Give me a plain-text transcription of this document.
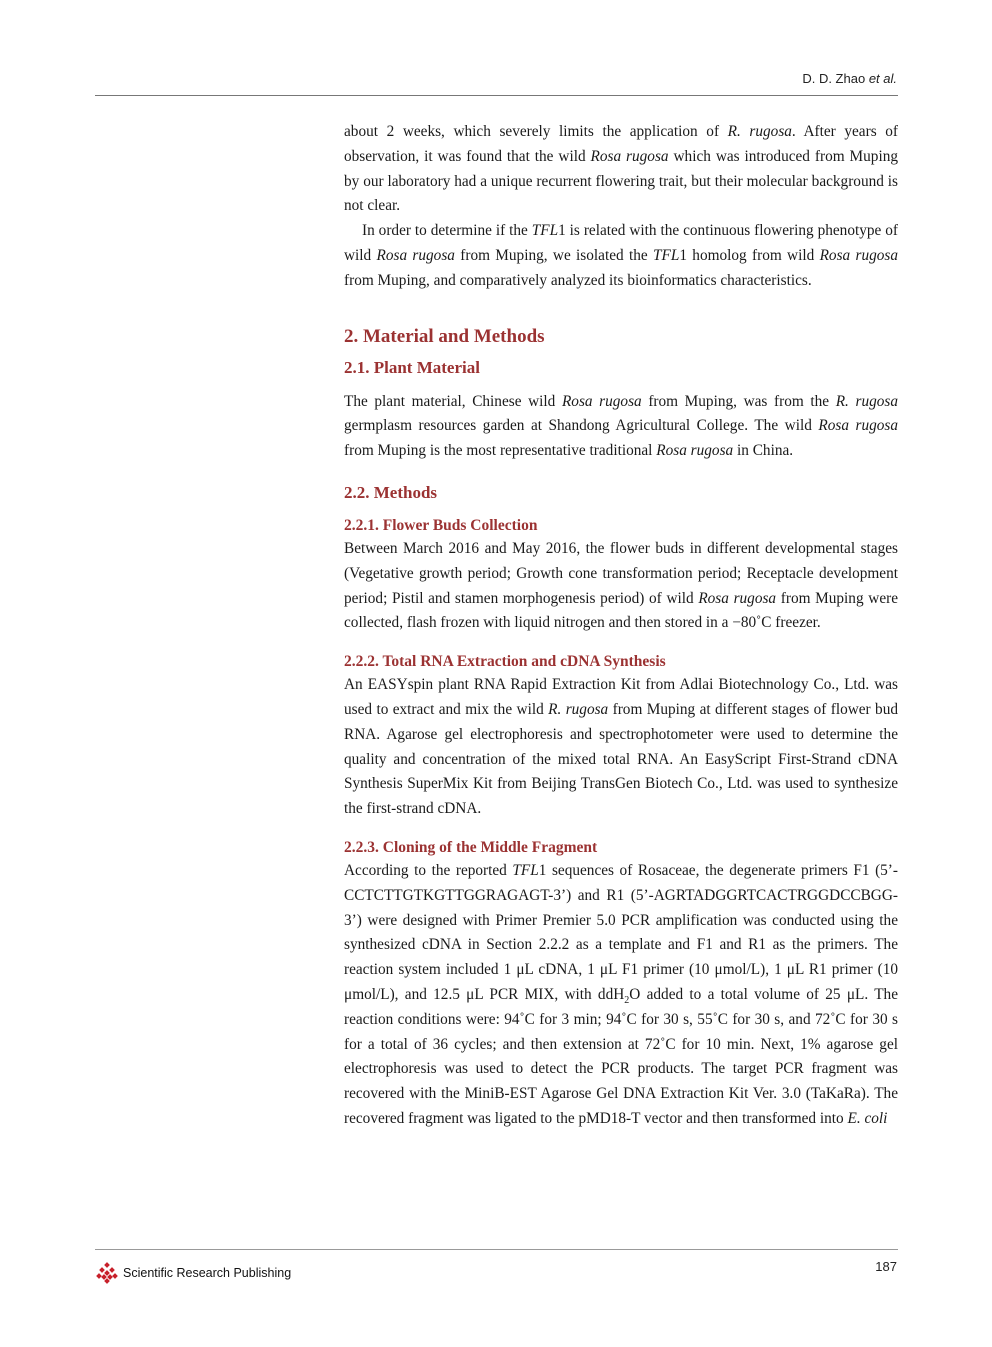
D. D. Zhao et al.

about 2 weeks, which severely limits the application of R. rugosa. After years of observation, it was found that the wild Rosa rugosa which was introduced from Muping by our laboratory had a unique recurrent flowering trait, but their molecular background is not clear.

In order to determine if the TFL1 is related with the continuous flowering phenotype of wild Rosa rugosa from Muping, we isolated the TFL1 homolog from wild Rosa rugosa from Muping, and comparatively analyzed its bioinformatics characteristics.

2. Material and Methods
2.1. Plant Material

The plant material, Chinese wild Rosa rugosa from Muping, was from the R. rugosa germplasm resources garden at Shandong Agricultural College. The wild Rosa rugosa from Muping is the most representative traditional Rosa rugosa in China.

2.2. Methods
2.2.1. Flower Buds Collection

Between March 2016 and May 2016, the flower buds in different developmental stages (Vegetative growth period; Growth cone transformation period; Receptacle development period; Pistil and stamen morphogenesis period) of wild Rosa rugosa from Muping were collected, flash frozen with liquid nitrogen and then stored in a −80˚C freezer.

2.2.2. Total RNA Extraction and cDNA Synthesis

An EASYspin plant RNA Rapid Extraction Kit from Adlai Biotechnology Co., Ltd. was used to extract and mix the wild R. rugosa from Muping at different stages of flower bud RNA. Agarose gel electrophoresis and spectrophotometer were used to determine the quality and concentration of the mixed total RNA. An EasyScript First-Strand cDNA Synthesis SuperMix Kit from Beijing TransGen Biotech Co., Ltd. was used to synthesize the first-strand cDNA.

2.2.3. Cloning of the Middle Fragment

According to the reported TFL1 sequences of Rosaceae, the degenerate primers F1 (5’-CCTCTTGTKGTTGGRAGAGT-3’) and R1 (5’-AGRTADGGRTCACTRGGDCCBGG-3’) were designed with Primer Premier 5.0 PCR amplification was conducted using the synthesized cDNA in Section 2.2.2 as a template and F1 and R1 as the primers. The reaction system included 1 μL cDNA, 1 μL F1 primer (10 μmol/L), 1 μL R1 primer (10 μmol/L), and 12.5 μL PCR MIX, with ddH$_2$O added to a total volume of 25 μL. The reaction conditions were: 94˚C for 3 min; 94˚C for 30 s, 55˚C for 30 s, and 72˚C for 30 s for a total of 36 cycles; and then extension at 72˚C for 10 min. Next, 1% agarose gel electrophoresis was used to detect the PCR products. The target PCR fragment was recovered with the MiniB-EST Agarose Gel DNA Extraction Kit Ver. 3.0 (TaKaRa). The recovered fragment was ligated to the pMD18-T vector and then transformed into E. coli

Scientific Research Publishing	187
